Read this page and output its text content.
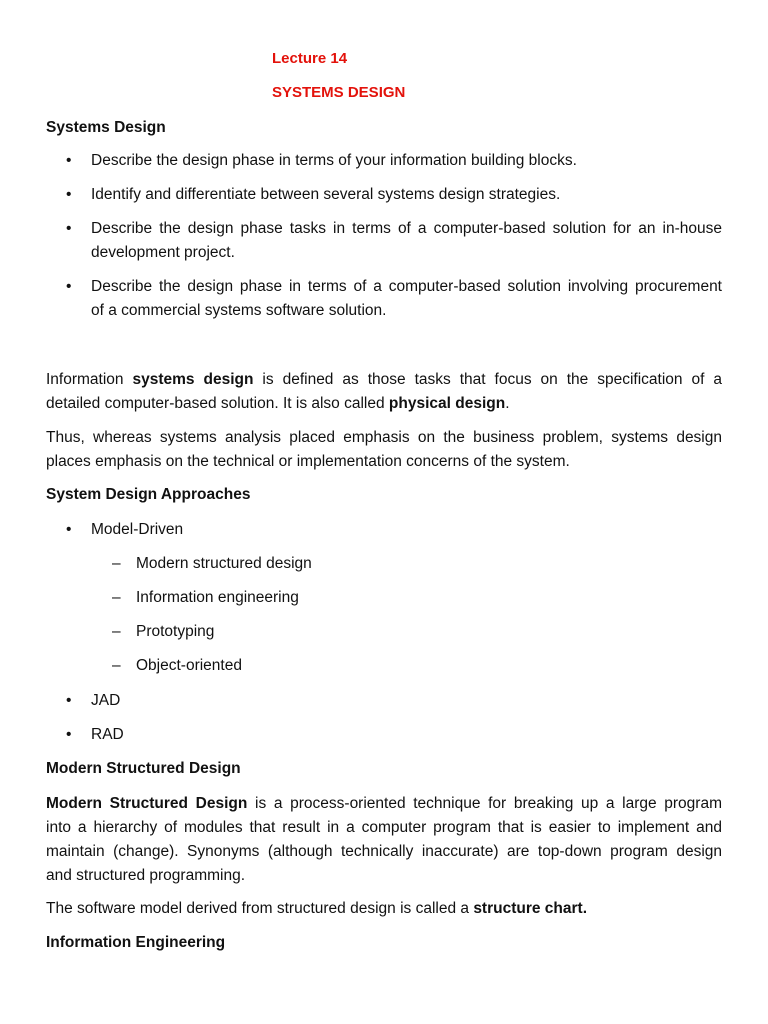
Lecture 14
SYSTEMS DESIGN
Systems Design
• Describe the design phase in terms of your information building blocks.
• Identify and differentiate between several systems design strategies.
• Describe the design phase tasks in terms of a computer-based solution for an in-house
development project.
• Describe the design phase in terms of a computer-based solution involving procurement
of a commercial systems software solution.
Information systems design is defined as those tasks that focus on the specification of a
detailed computer-based solution. It is also called physical design.
Thus, whereas systems analysis placed emphasis on the business problem, systems design
places emphasis on the technical or implementation concerns of the system.
System Design Approaches
• Model-Driven
– Modern structured design
– Information engineering
– Prototyping
– Object-oriented
• JAD
• RAD
Modern Structured Design
Modern Structured Design is a process-oriented technique for breaking up a large program
into a hierarchy of modules that result in a computer program that is easier to implement and
maintain (change). Synonyms (although technically inaccurate) are top-down program design
and structured programming.
The software model derived from structured design is called a structure chart.
Information Engineering
